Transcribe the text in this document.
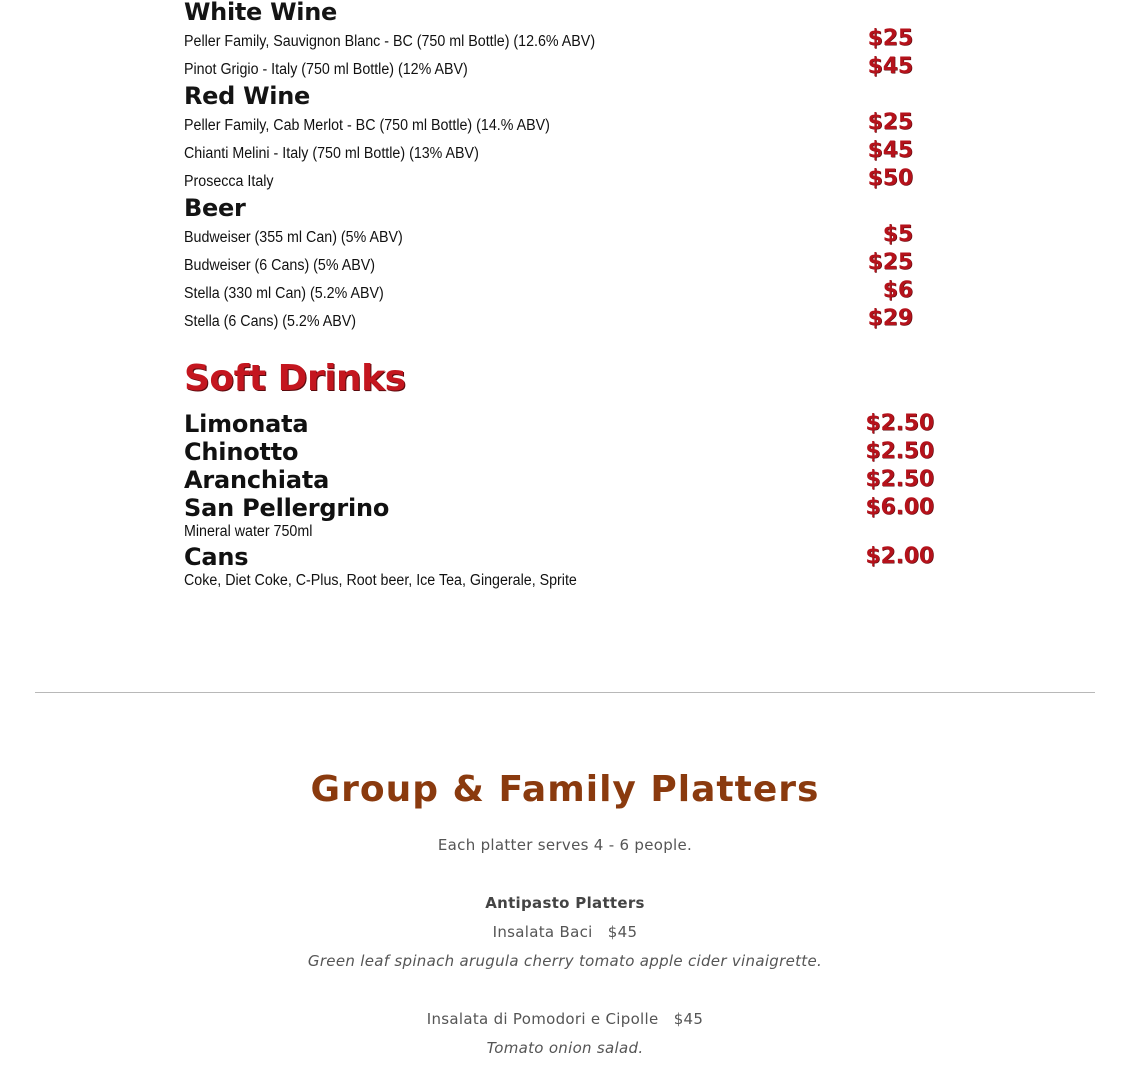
White Wine
Peller Family, Sauvignon Blanc - BC (750 ml Bottle) (12.6% ABV)	$25
Pinot Grigio - Italy (750 ml Bottle) (12% ABV)	$45
Red Wine
Peller Family, Cab Merlot - BC (750 ml Bottle) (14.% ABV)	$25
Chianti Melini - Italy (750 ml Bottle) (13% ABV)	$45
Prosecca Italy	$50
Beer
Budweiser (355 ml Can) (5% ABV)	$5
Budweiser (6 Cans) (5% ABV)	$25
Stella (330 ml Can) (5.2% ABV)	$6
Stella (6 Cans) (5.2% ABV)	$29
Soft Drinks
Limonata	$2.50
Chinotto	$2.50
Aranchiata	$2.50
San Pellergrino	$6.00
Mineral water 750ml
Cans	$2.00
Coke, Diet Coke, C-Plus, Root beer, Ice Tea, Gingerale, Sprite
Group & Family Platters
Each platter serves 4 - 6 people.
Antipasto Platters
Insalata Baci   $45
Green leaf spinach arugula cherry tomato apple cider vinaigrette.
Insalata di Pomodori e Cipolle   $45
Tomato onion salad.
